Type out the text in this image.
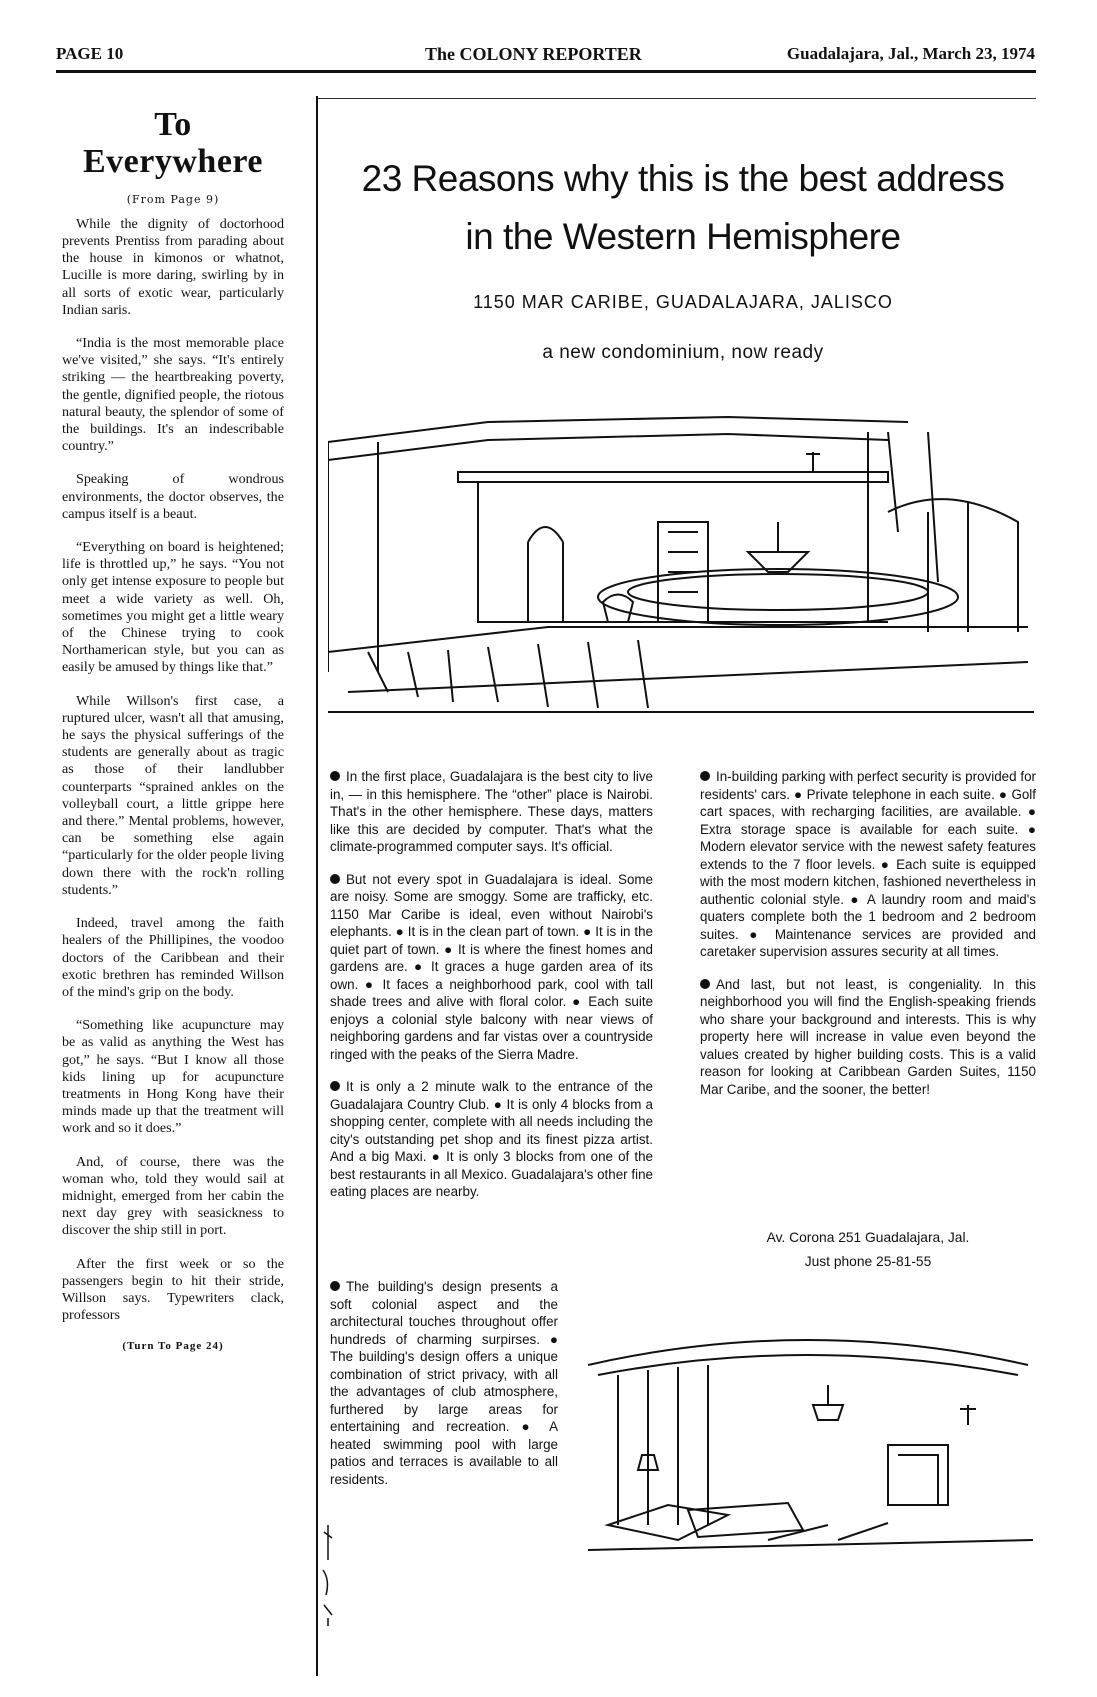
PAGE 10	The COLONY REPORTER	Guadalajara, Jal., March 23, 1974
To Everywhere
(From Page 9)

While the dignity of doctorhood prevents Prentiss from parading about the house in kimonos or whatnot, Lucille is more daring, swirling by in all sorts of exotic wear, particularly Indian saris.

“India is the most memorable place we've visited,” she says. “It's entirely striking — the heartbreaking poverty, the gentle, dignified people, the riotous natural beauty, the splendor of some of the buildings. It's an indescribable country.”

Speaking of wondrous environments, the doctor observes, the campus itself is a beaut.

“Everything on board is heightened; life is throttled up,” he says. “You not only get intense exposure to people but meet a wide variety as well. Oh, sometimes you might get a little weary of the Chinese trying to cook Northamerican style, but you can as easily be amused by things like that.”

While Willson's first case, a ruptured ulcer, wasn't all that amusing, he says the physical sufferings of the students are generally about as tragic as those of their landlubber counterparts “sprained ankles on the volleyball court, a little grippe here and there.” Mental problems, however, can be something else again “particularly for the older people living down there with the rock'n rolling students.”

Indeed, travel among the faith healers of the Phillipines, the voodoo doctors of the Caribbean and their exotic brethren has reminded Willson of the mind's grip on the body.

“Something like acupuncture may be as valid as anything the West has got,” he says. “But I know all those kids lining up for acupuncture treatments in Hong Kong have their minds made up that the treatment will work and so it does.”

And, of course, there was the woman who, told they would sail at midnight, emerged from her cabin the next day grey with seasickness to discover the ship still in port.

After the first week or so the passengers begin to hit their stride, Willson says. Typewriters clack, professors

(Turn To Page 24)
23 Reasons why this is the best address
in the Western Hemisphere
1150 MAR CARIBE, GUADALAJARA, JALISCO
a new condominium, now ready

In the first place, Guadalajara is the best city to live in, — in this hemisphere. The “other” place is Nairobi. That's in the other hemisphere. These days, matters like this are decided by computer. That's what the climate-programmed computer says. It's official.

But not every spot in Guadalajara is ideal. Some are noisy. Some are smoggy. Some are trafficky, etc. 1150 Mar Caribe is ideal, even without Nairobi's elephants. ● It is in the clean part of town. ● It is in the quiet part of town. ● It is where the finest homes and gardens are. ● It graces a huge garden area of its own. ● It faces a neighborhood park, cool with tall shade trees and alive with floral color. ● Each suite enjoys a colonial style balcony with near views of neighboring gardens and far vistas over a countryside ringed with the peaks of the Sierra Madre.

It is only a 2 minute walk to the entrance of the Guadalajara Country Club. ● It is only 4 blocks from a shopping center, complete with all needs including the city's outstanding pet shop and its finest pizza artist. And a big Maxi. ● It is only 3 blocks from one of the best restaurants in all Mexico. Guadalajara's other fine eating places are nearby.

The building's design presents a soft colonial aspect and the architectural touches throughout offer hundreds of charming surpirses. ● The building's design offers a unique combination of strict privacy, with all the advantages of club atmosphere, furthered by large areas for entertaining and recreation. ● A heated swimming pool with large patios and terraces is available to all residents.

In-building parking with perfect security is provided for residents' cars. ● Private telephone in each suite. ● Golf cart spaces, with recharging facilities, are available. ● Extra storage space is available for each suite. ● Modern elevator service with the newest safety features extends to the 7 floor levels. ● Each suite is equipped with the most modern kitchen, fashioned nevertheless in authentic colonial style. ● A laundry room and maid's quaters complete both the 1 bedroom and 2 bedroom suites. ● Maintenance services are provided and caretaker supervision assures security at all times.

And last, but not least, is congeniality. In this neighborhood you will find the English-speaking friends who share your background and interests. This is why property here will increase in value even beyond the values created by higher building costs. This is a valid reason for looking at Caribbean Garden Suites, 1150 Mar Caribe, and the sooner, the better!

Av. Corona 251 Guadalajara, Jal.
Just phone 25-81-55
